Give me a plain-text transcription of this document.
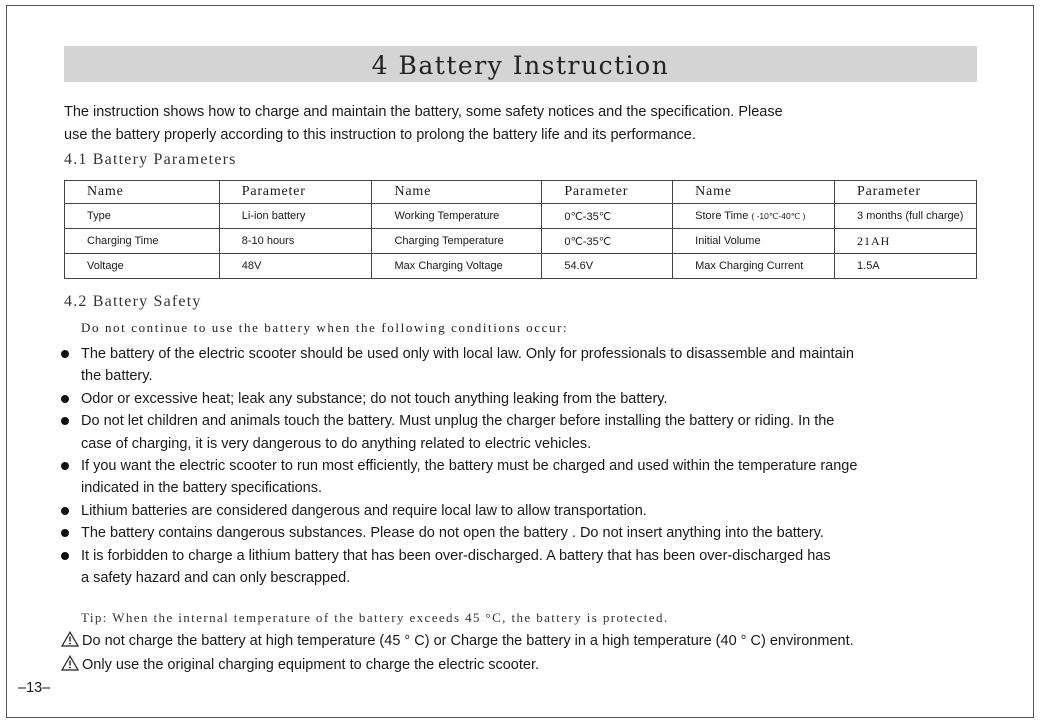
4 Battery Instruction
The instruction shows how to charge and maintain the battery, some safety notices and the specification. Please
use the battery properly according to this instruction to prolong the battery life and its performance.
4.1 Battery Parameters
Name	Parameter	Name	Parameter	Name	Parameter
Type	Li-ion battery	Working Temperature	0℃-35℃	Store Time ( -10℃-40℃ )	3 months (full charge)
Charging Time	8-10 hours	Charging Temperature	0℃-35℃	Initial Volume	21AH
Voltage	48V	Max Charging Voltage	54.6V	Max Charging Current	1.5A
4.2 Battery Safety
Do not continue to use the battery when the following conditions occur:
The battery of the electric scooter should be used only with local law. Only for professionals to disassemble and maintain
the battery.
Odor or excessive heat; leak any substance; do not touch anything leaking from the battery.
Do not let children and animals touch the battery. Must unplug the charger before installing the battery or riding. In the
case of charging, it is very dangerous to do anything related to electric vehicles.
If you want the electric scooter to run most efficiently, the battery must be charged and used within the temperature range
indicated in the battery specifications.
Lithium batteries are considered dangerous and require local law to allow transportation.
The battery contains dangerous substances. Please do not open the battery . Do not insert anything into the battery.
It is forbidden to charge a lithium battery that has been over-discharged. A battery that has been over-discharged has
a safety hazard and can only bescrapped.
Tip: When the internal temperature of the battery exceeds 45 °C, the battery is protected.
Do not charge the battery at high temperature (45 ° C) or Charge the battery in a high temperature (40 ° C) environment.
Only use the original charging equipment to charge the electric scooter.
–13–
